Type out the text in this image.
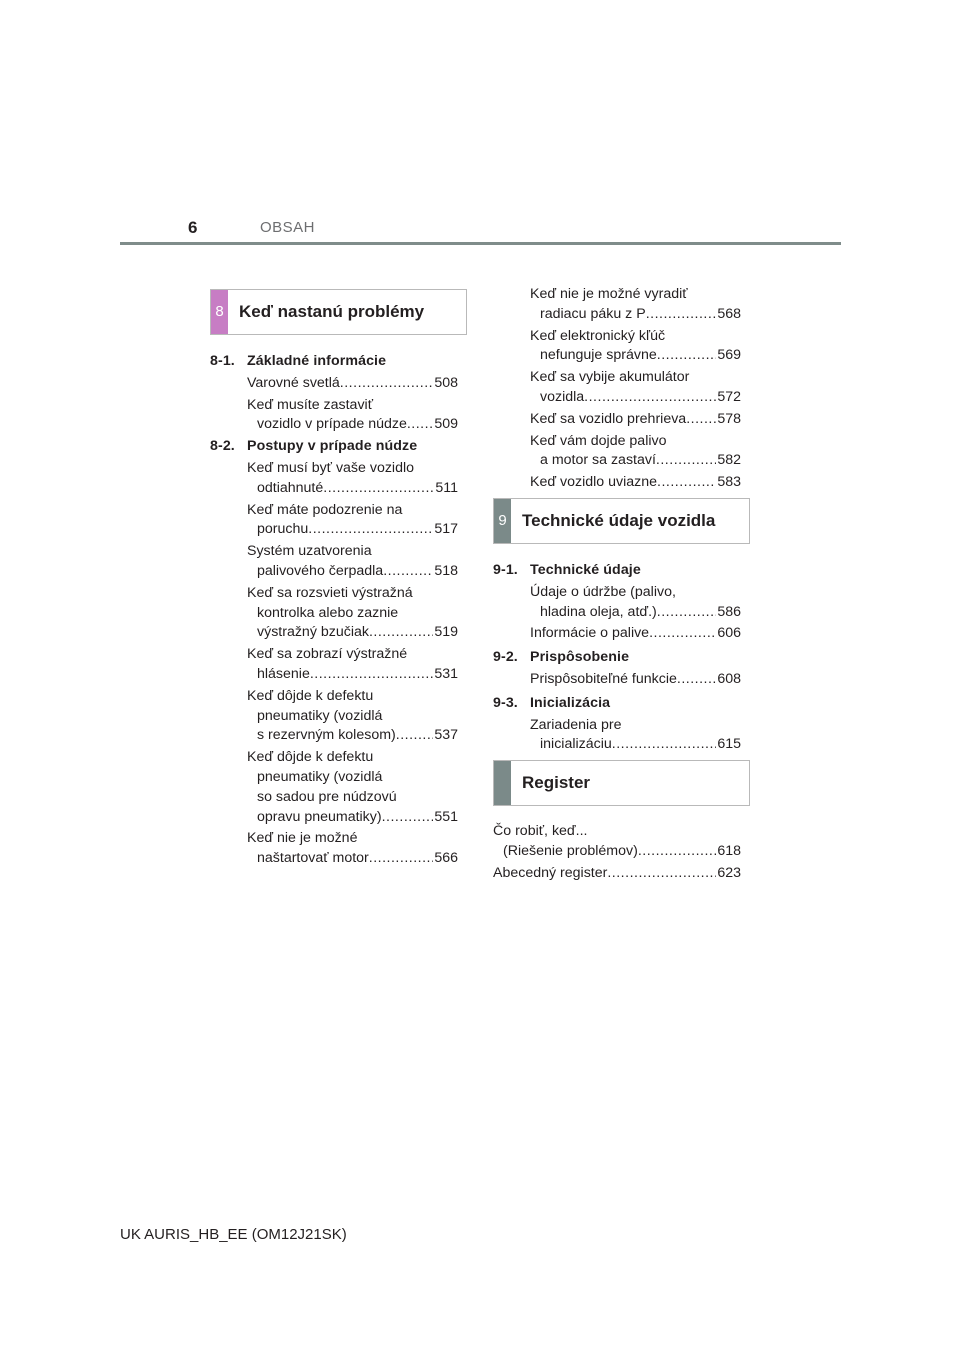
6	OBSAH
8 Keď nastanú problémy
8-1. Základné informácie
Varovné svetlá .....	508
Keď musíte zastaviť
vozidlo v prípade núdze ..... 509
8-2. Postupy v prípade núdze
Keď musí byť vaše vozidlo
odtiahnuté .....	511
Keď máte podozrenie na
poruchu .....	517
Systém uzatvorenia
palivového čerpadla .....	518
Keď sa rozsvieti výstražná
kontrolka alebo zaznie
výstražný bzučiak .....	519
Keď sa zobrazí výstražné
hlásenie .....	531
Keď dôjde k defektu
pneumatiky (vozidlá
s rezervným kolesom) .....	537
Keď dôjde k defektu
pneumatiky (vozidlá
so sadou pre núdzovú
opravu pneumatiky) .....	551
Keď nie je možné
naštartovať motor .....	566
Keď nie je možné vyradiť
radiacu páku z P .....	568
Keď elektronický kľúč
nefunguje správne .....	569
Keď sa vybije akumulátor
vozidla .....	572
Keď sa vozidlo prehrieva ..... 578
Keď vám dojde palivo
a motor sa zastaví .....	582
Keď vozidlo uviazne .....	583
9 Technické údaje vozidla
9-1. Technické údaje
Údaje o údržbe (palivo,
hladina oleja, atď.) .....	586
Informácie o palive .....	606
9-2. Prispôsobenie
Prispôsobiteľné funkcie .....	608
9-3. Inicializácia
Zariadenia pre
inicializáciu .....	615
Register
Čo robiť, keď...
(Riešenie problémov) .....	618
Abecedný register .....	623
UK AURIS_HB_EE (OM12J21SK)
